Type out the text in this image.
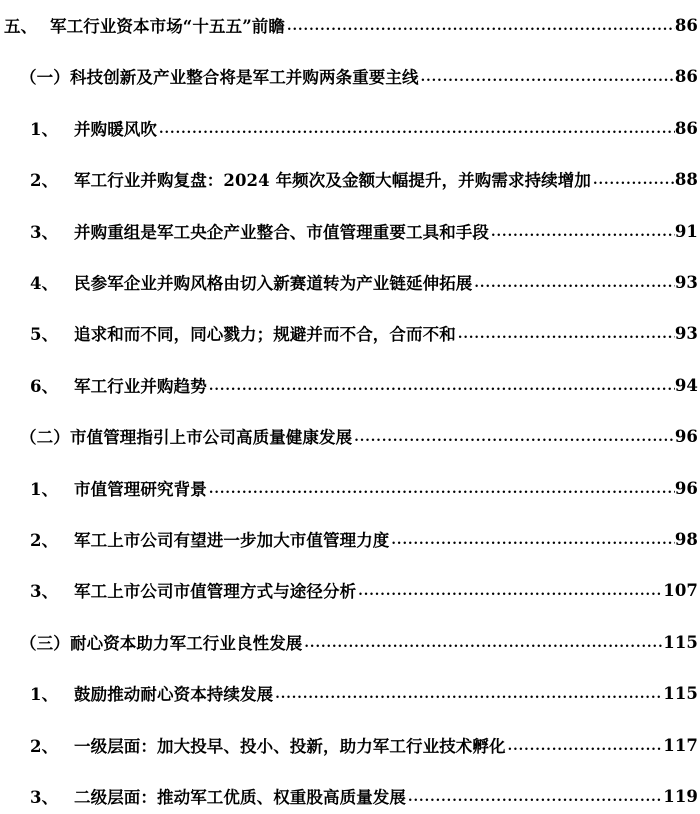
五、 军工行业资本市场“十五五”前瞻 .....	86
（一） 科技创新及产业整合将是军工并购两条重要主线 .....	86
1、 并购暖风吹 .....	86
2、 军工行业并购复盘：2024 年频次及金额大幅提升，并购需求持续增加 .....	88
3、 并购重组是军工央企产业整合、市值管理重要工具和手段 .....	91
4、 民参军企业并购风格由切入新赛道转为产业链延伸拓展 .....	93
5、 追求和而不同，同心戮力；规避并而不合，合而不和 .....	93
6、 军工行业并购趋势 .....	94
（二） 市值管理指引上市公司高质量健康发展 .....	96
1、 市值管理研究背景 .....	96
2、 军工上市公司有望进一步加大市值管理力度 .....	98
3、 军工上市公司市值管理方式与途径分析 .....	107
（三） 耐心资本助力军工行业良性发展 .....	115
1、 鼓励推动耐心资本持续发展 .....	115
2、 一级层面：加大投早、投小、投新，助力军工行业技术孵化 .....	117
3、 二级层面：推动军工优质、权重股高质量发展 .....	119
